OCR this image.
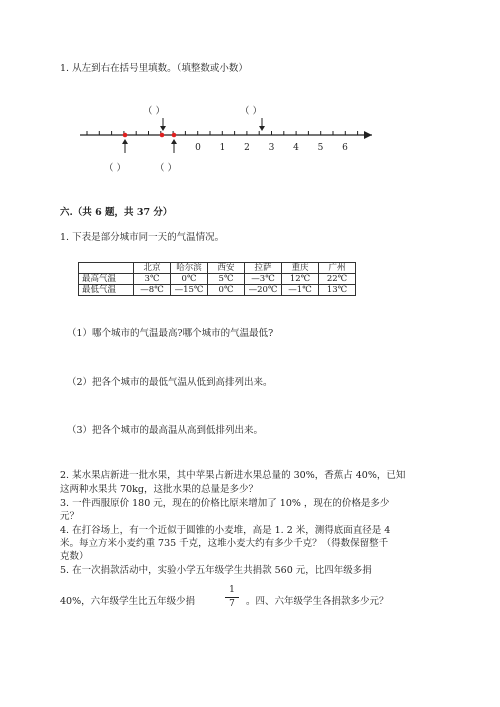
1. 从左到右在括号里填数。（填整数或小数）
（ ）	（ ）
0 1 2 3 4 5 6
（ ）	（ ）
六.（共 6 题，共 37 分）
1. 下表是部分城市同一天的气温情况。
	北京	哈尔滨	西安	拉萨	重庆	广州
最高气温	3℃	0℃	5℃	—3℃	12℃	22℃
最低气温	—8℃	—15℃	0℃	—20℃	—1℃	13℃
（1）哪个城市的气温最高?哪个城市的气温最低?
（2）把各个城市的最低气温从低到高排列出来。
（3）把各个城市的最高温从高到低排列出来。
2. 某水果店新进一批水果，其中苹果占新进水果总量的 30%，香蕉占 40%，已知
这两种水果共 70kg，这批水果的总量是多少？
3. 一件西服原价 180 元，现在的价格比原来增加了 10% ，现在的价格是多少
元？
4. 在打谷场上，有一个近似于圆锥的小麦堆，高是 1. 2 米，测得底面直径是 4
米。每立方米小麦约重 735 千克，这堆小麦大约有多少千克？（得数保留整千
克数）
5. 在一次捐款活动中，实验小学五年级学生共捐款 560 元，比四年级多捐
40%，六年级学生比五年级少捐
1
7	。四、六年级学生各捐款多少元？
